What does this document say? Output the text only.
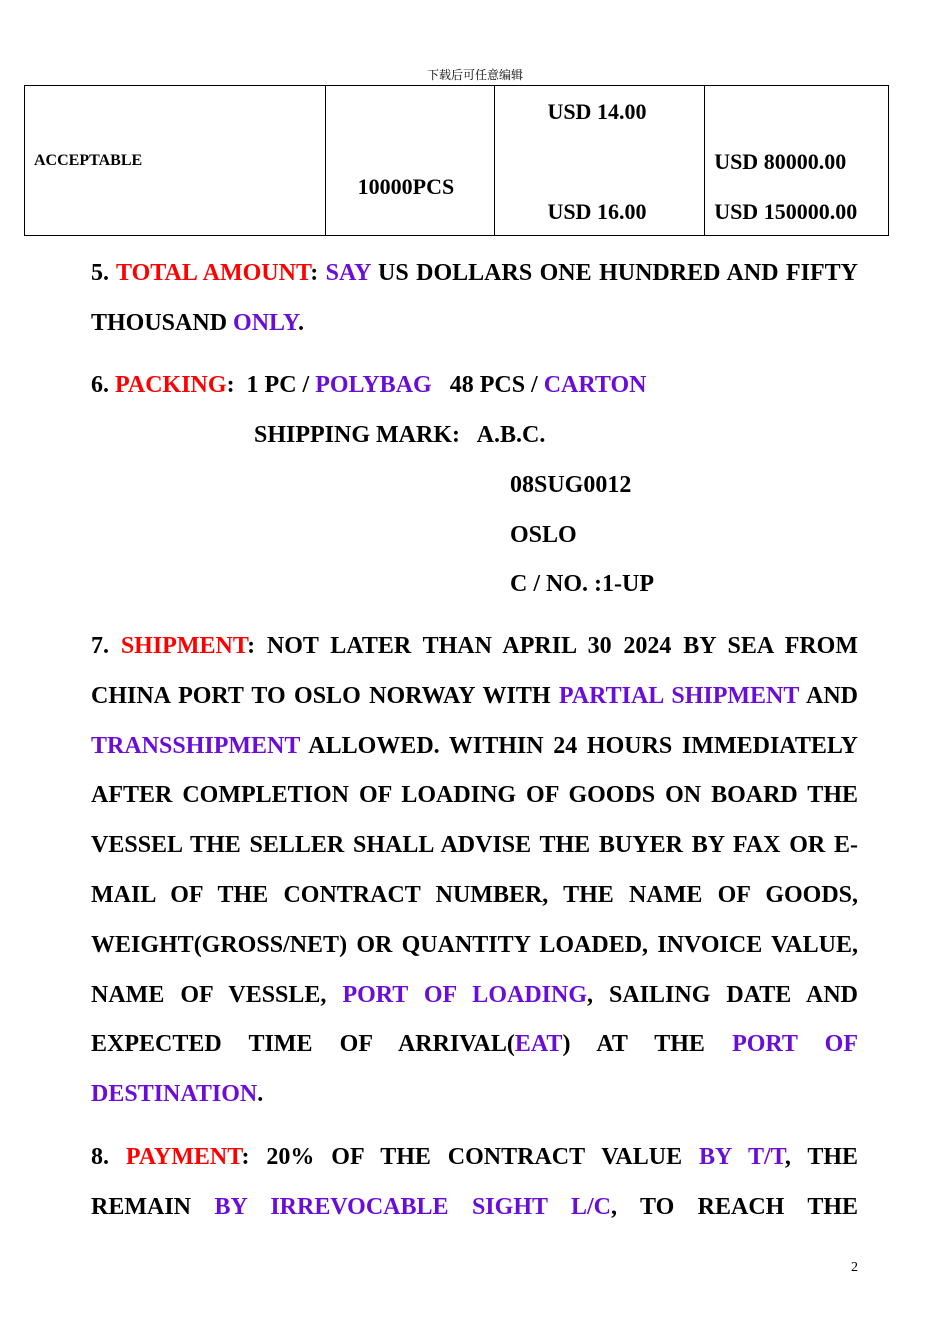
下载后可任意编辑
ACCEPTABLE

10000PCS

USD 14.00
USD 16.00

USD 80000.00
USD 150000.00

5. TOTAL AMOUNT: SAY US DOLLARS ONE HUNDRED AND FIFTY THOUSAND ONLY.

6. PACKING:  1 PC / POLYBAG   48 PCS / CARTON
SHIPPING MARK:   A.B.C.
08SUG0012
OSLO
C / NO. :1-UP

7. SHIPMENT: NOT LATER THAN APRIL 30 2024 BY SEA FROM CHINA PORT TO OSLO NORWAY WITH PARTIAL SHIPMENT AND TRANSSHIPMENT ALLOWED. WITHIN 24 HOURS IMMEDIATELY AFTER COMPLETION OF LOADING OF GOODS ON BOARD THE VESSEL THE SELLER SHALL ADVISE THE BUYER BY FAX OR E-MAIL OF THE CONTRACT NUMBER, THE NAME OF GOODS, WEIGHT(GROSS/NET) OR QUANTITY LOADED, INVOICE VALUE, NAME OF VESSLE, PORT OF LOADING, SAILING DATE AND EXPECTED TIME OF ARRIVAL(EAT) AT THE PORT OF DESTINATION.

8. PAYMENT: 20% OF THE CONTRACT VALUE BY T/T, THE REMAIN BY IRREVOCABLE SIGHT L/C, TO REACH THE

2
